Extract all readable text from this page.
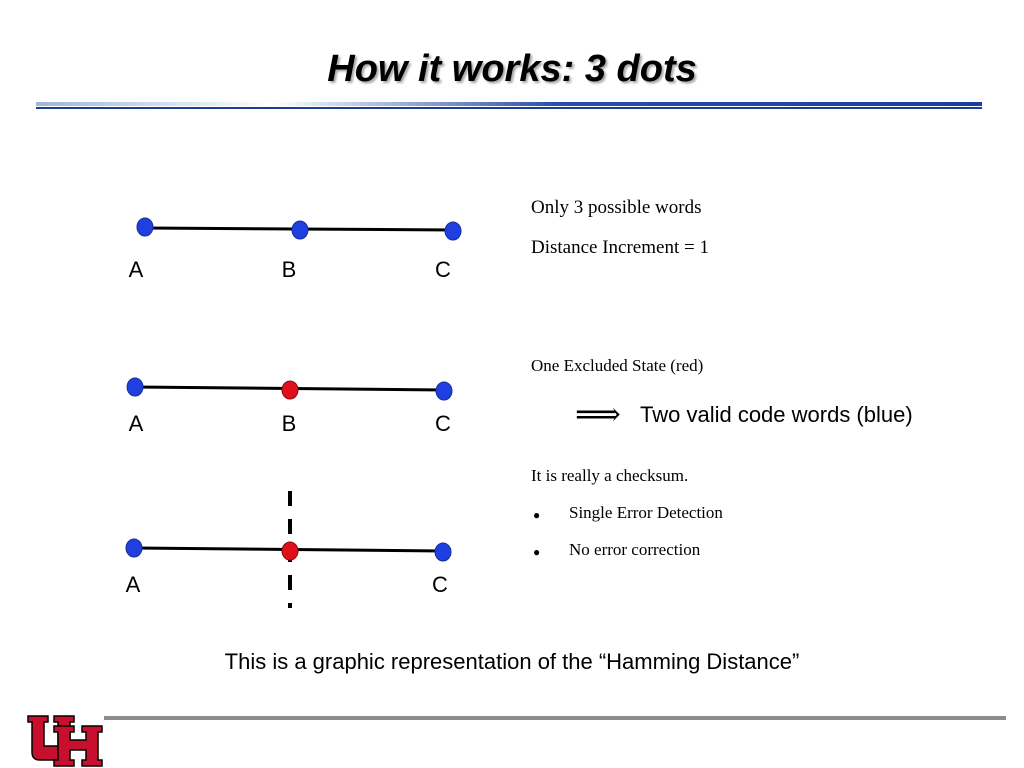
How it works: 3 dots
A	B	C
A	B	C
A	C
Only 3 possible words
Distance Increment = 1
One Excluded State (red)
⟹ Two valid code words (blue)
It is really a checksum.
● Single Error Detection
● No error correction
This is a graphic representation of the “Hamming Distance”
